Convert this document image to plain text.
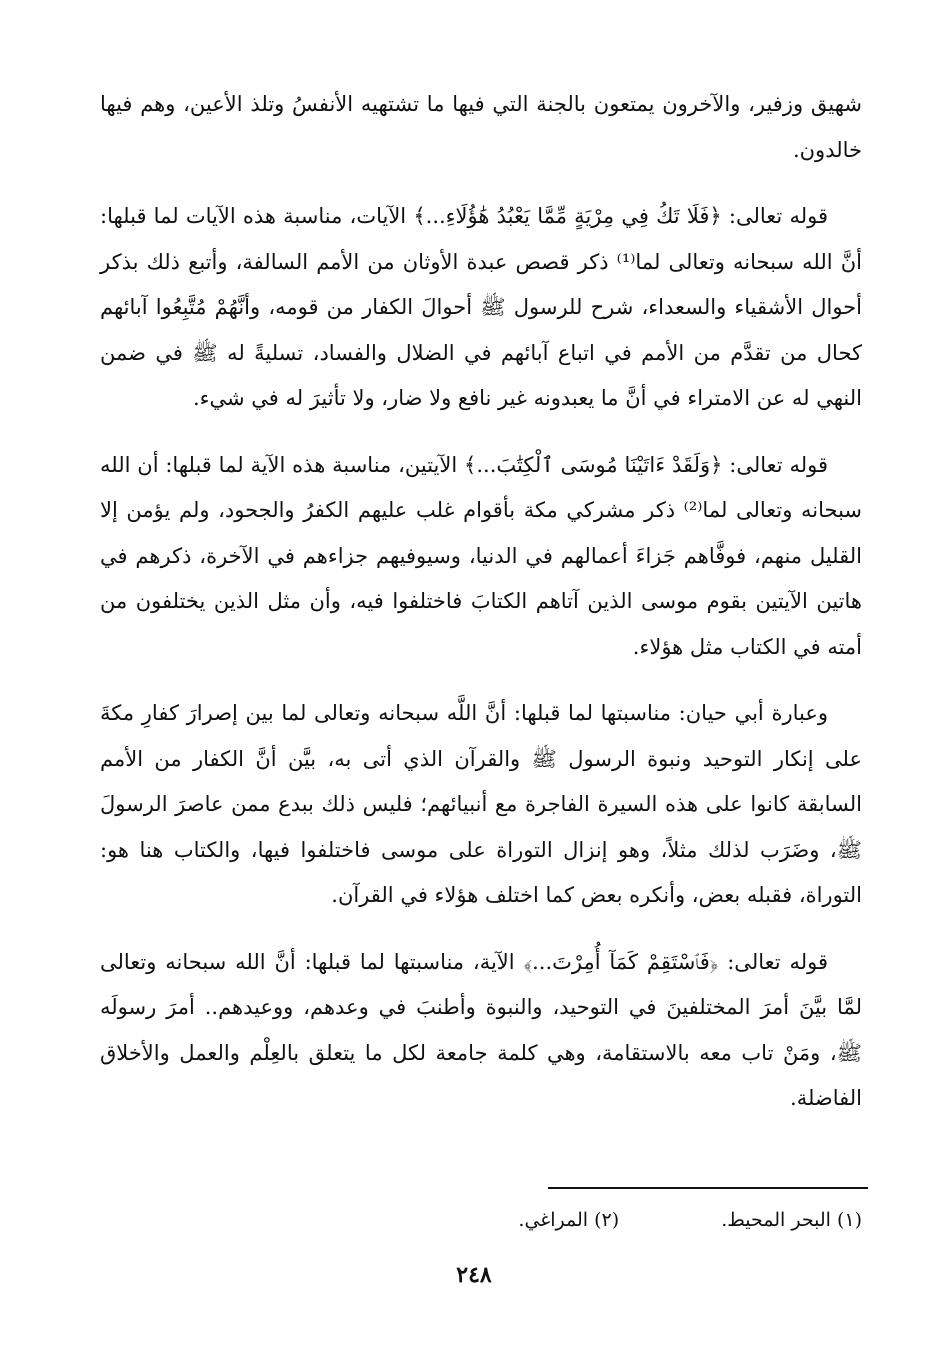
شهيق وزفير، والآخرون يمتعون بالجنة التي فيها ما تشتهيه الأنفسُ وتلذ الأعين، وهم فيها خالدون.

قوله تعالى: ﴿فَلَا تَكُ فِي مِرْيَةٍ مِّمَّا يَعْبُدُ هَٰؤُلَاءِ...﴾ الآيات، مناسبة هذه الآيات لما قبلها: أنَّ الله سبحانه وتعالى لما⁽¹⁾ ذكر قصص عبدة الأوثان من الأمم السالفة، وأتبع ذلك بذكر أحوال الأشقياء والسعداء، شرح للرسول ﷺ أحوالَ الكفار من قومه، وأنَّهُمْ مُتَّبِعُوا آبائهم كحال من تقدَّم من الأمم في اتباع آبائهم في الضلال والفساد، تسليةً له ﷺ في ضمن النهي له عن الامتراء في أنَّ ما يعبدونه غير نافع ولا ضار، ولا تأثيرَ له في شيء.

قوله تعالى: ﴿وَلَقَدْ ءَاتَيْنَا مُوسَى ٱلْكِتَٰبَ...﴾ الآيتين، مناسبة هذه الآية لما قبلها: أن الله سبحانه وتعالى لما⁽²⁾ ذكر مشركي مكة بأقوام غلب عليهم الكفرُ والجحود، ولم يؤمن إلا القليل منهم، فوفَّاهم جَزاءَ أعمالهم في الدنيا، وسيوفيهم جزاءهم في الآخرة، ذكرهم في هاتين الآيتين بقوم موسى الذين آتاهم الكتابَ فاختلفوا فيه، وأن مثل الذين يختلفون من أمته في الكتاب مثل هؤلاء.

وعبارة أبي حيان: مناسبتها لما قبلها: أنَّ اللَّه سبحانه وتعالى لما بين إصرارَ كفارِ مكةَ على إنكار التوحيد ونبوة الرسول ﷺ والقرآن الذي أتى به، بيَّن أنَّ الكفار من الأمم السابقة كانوا على هذه السيرة الفاجرة مع أنبيائهم؛ فليس ذلك ببدع ممن عاصرَ الرسولَ ﷺ، وضَرَب لذلك مثلاً، وهو إنزال التوراة على موسى فاختلفوا فيها، والكتاب هنا هو: التوراة، فقبله بعض، وأنكره بعض كما اختلف هؤلاء في القرآن.

قوله تعالى: ﴿فَٱسْتَقِمْ كَمَآ أُمِرْتَ...﴾ الآية، مناسبتها لما قبلها: أنَّ الله سبحانه وتعالى لمَّا بيَّنَ أمرَ المختلفينَ في التوحيد، والنبوة وأطنبَ في وعدهم، ووعيدهم.. أمرَ رسولَه ﷺ، ومَنْ تاب معه بالاستقامة، وهي كلمة جامعة لكل ما يتعلق بالعِلْم والعمل والأخلاق الفاضلة.

(١) البحر المحيط. (٢) المراغي.
٢٤٨
